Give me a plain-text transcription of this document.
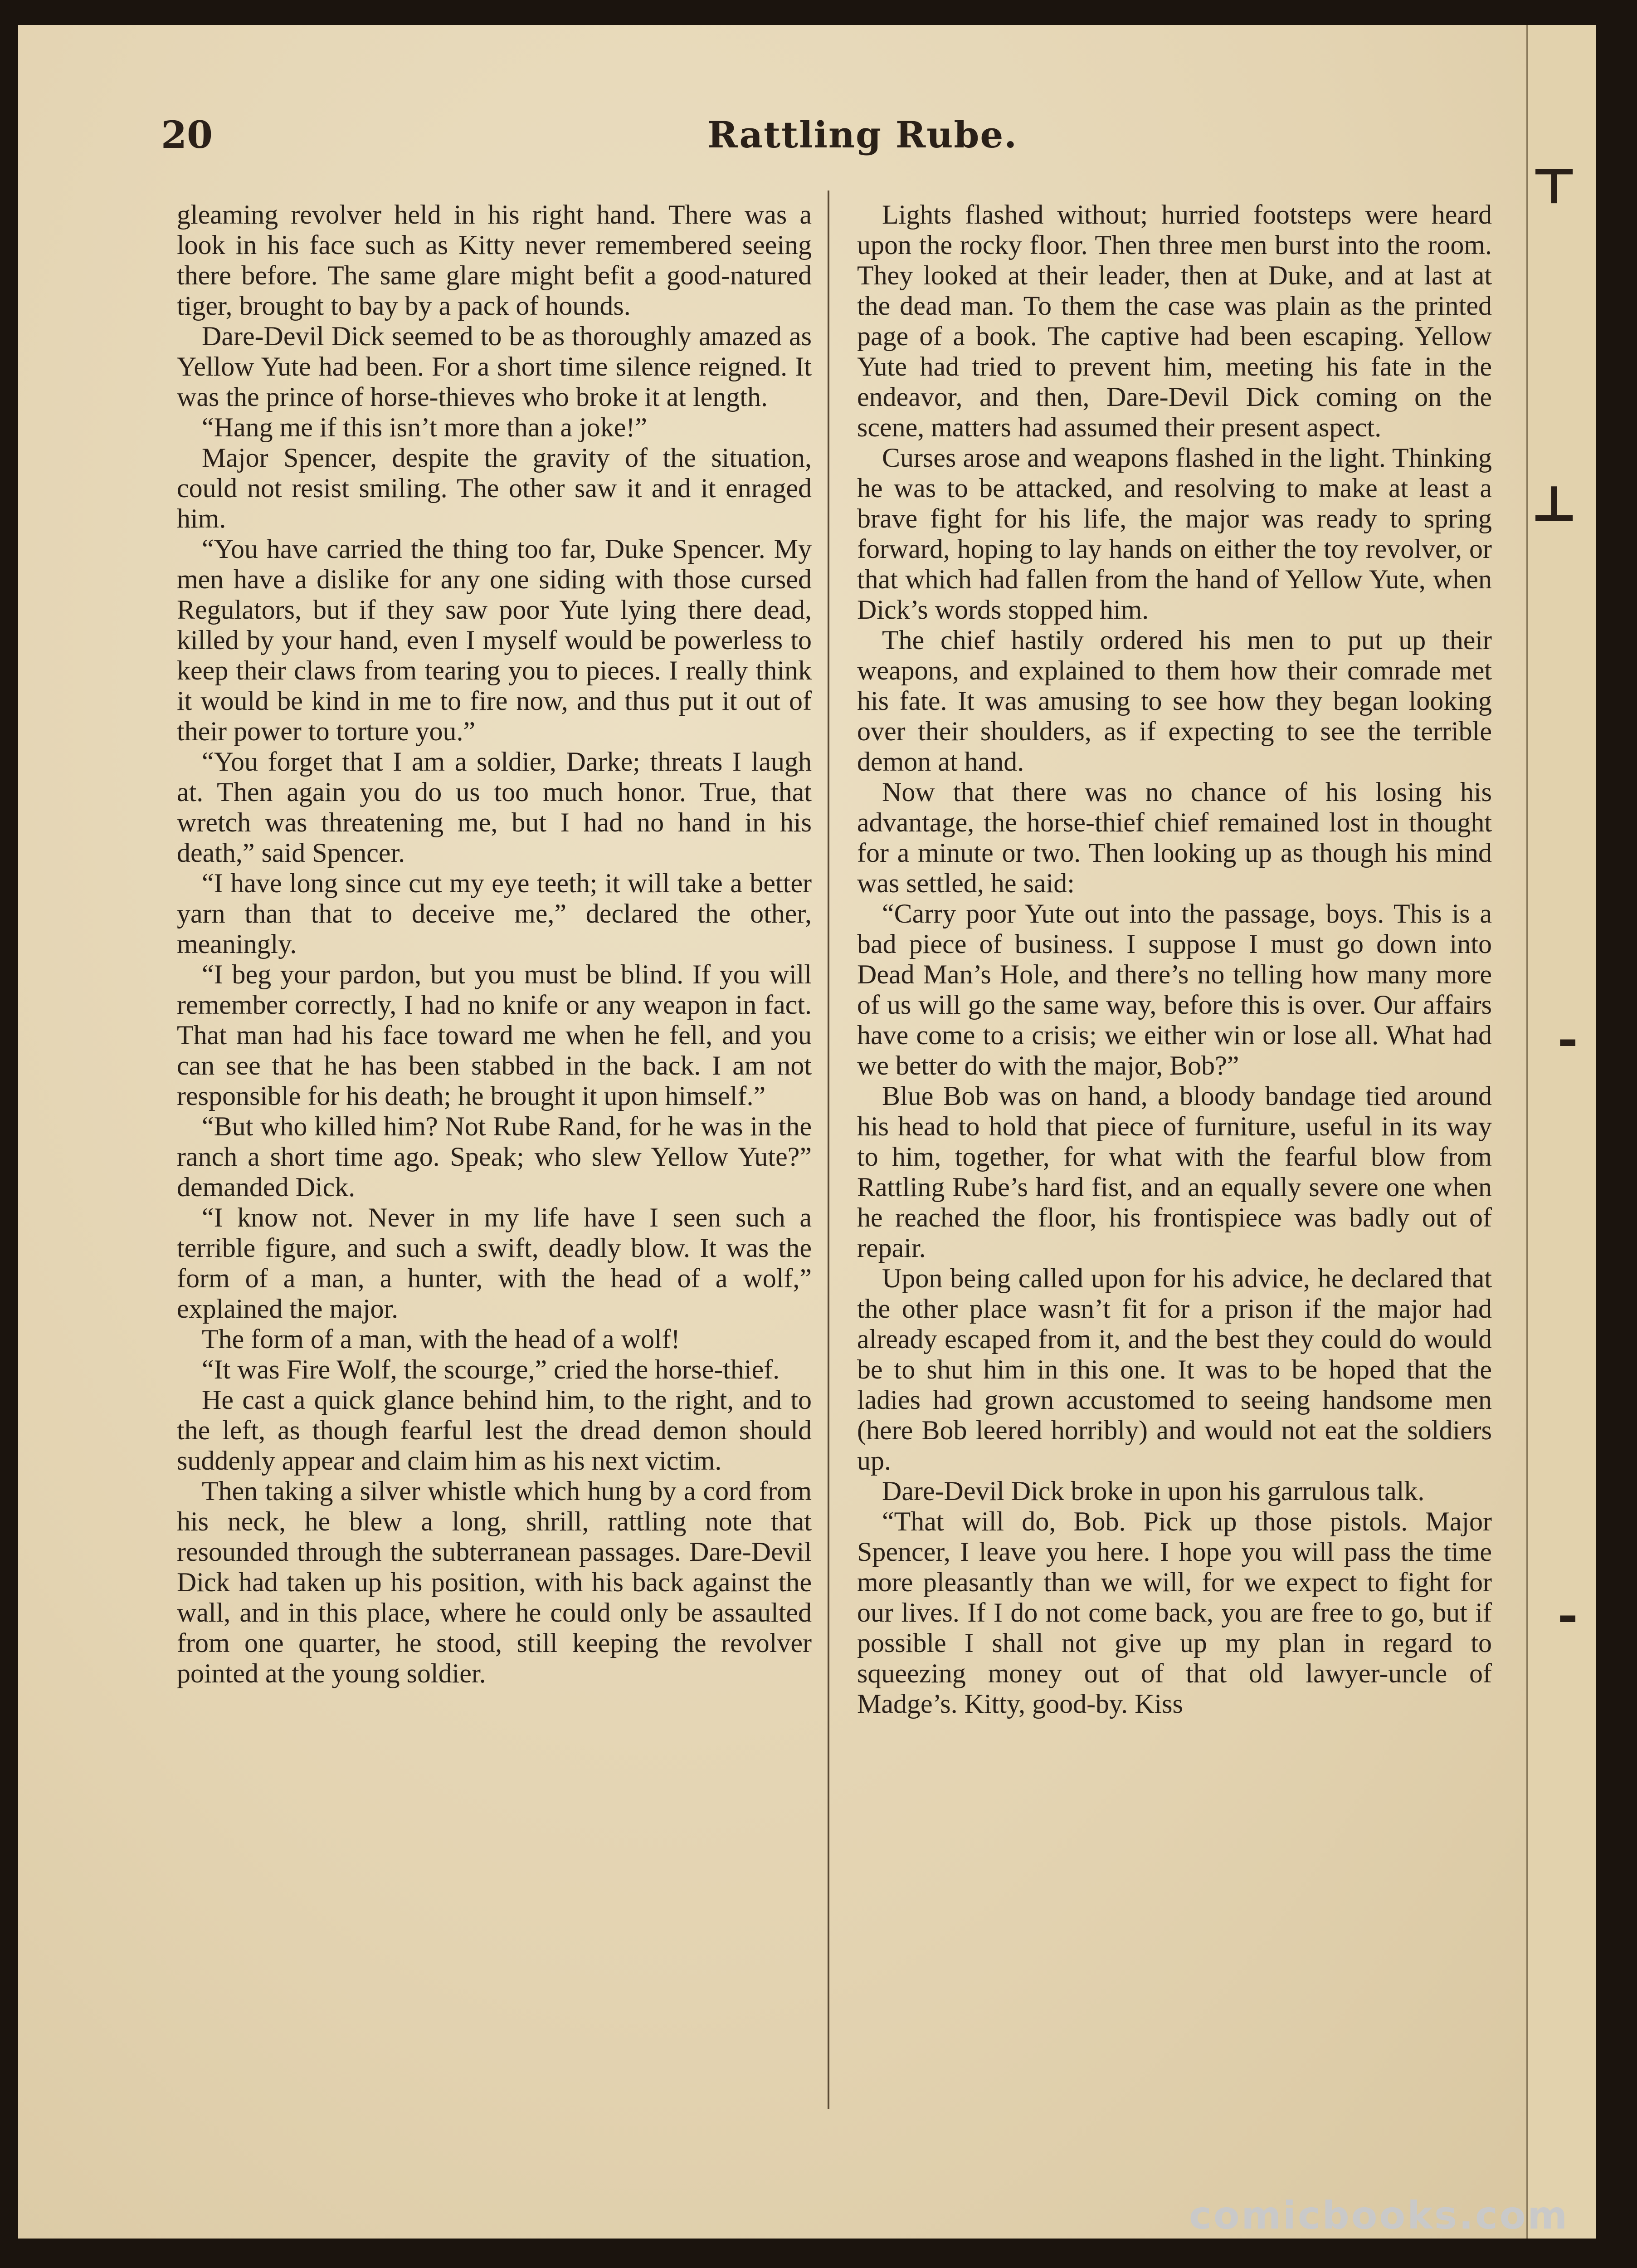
⊤
⊥
‑
‑
20	Rattling Rube.

gleaming revolver held in his right hand. There was a look in his face such as Kitty never remembered seeing there before. The same glare might befit a good-natured tiger, brought to bay by a pack of hounds.

Dare-Devil Dick seemed to be as thoroughly amazed as Yellow Yute had been. For a short time silence reigned. It was the prince of horse-thieves who broke it at length.

“Hang me if this isn’t more than a joke!”

Major Spencer, despite the gravity of the situation, could not resist smiling. The other saw it and it enraged him.

“You have carried the thing too far, Duke Spencer. My men have a dislike for any one siding with those cursed Regulators, but if they saw poor Yute lying there dead, killed by your hand, even I myself would be powerless to keep their claws from tearing you to pieces. I really think it would be kind in me to fire now, and thus put it out of their power to torture you.”

“You forget that I am a soldier, Darke; threats I laugh at. Then again you do us too much honor. True, that wretch was threatening me, but I had no hand in his death,” said Spencer.

“I have long since cut my eye teeth; it will take a better yarn than that to deceive me,” declared the other, meaningly.

“I beg your pardon, but you must be blind. If you will remember correctly, I had no knife or any weapon in fact. That man had his face toward me when he fell, and you can see that he has been stabbed in the back. I am not responsible for his death; he brought it upon himself.”

“But who killed him? Not Rube Rand, for he was in the ranch a short time ago. Speak; who slew Yellow Yute?” demanded Dick.

“I know not. Never in my life have I seen such a terrible figure, and such a swift, deadly blow. It was the form of a man, a hunter, with the head of a wolf,” explained the major.

The form of a man, with the head of a wolf!

“It was Fire Wolf, the scourge,” cried the horse-thief.

He cast a quick glance behind him, to the right, and to the left, as though fearful lest the dread demon should suddenly appear and claim him as his next victim.

Then taking a silver whistle which hung by a cord from his neck, he blew a long, shrill, rattling note that resounded through the subterranean passages. Dare-Devil Dick had taken up his position, with his back against the wall, and in this place, where he could only be assaulted from one quarter, he stood, still keeping the revolver pointed at the young soldier.

Lights flashed without; hurried footsteps were heard upon the rocky floor. Then three men burst into the room. They looked at their leader, then at Duke, and at last at the dead man. To them the case was plain as the printed page of a book. The captive had been escaping. Yellow Yute had tried to prevent him, meeting his fate in the endeavor, and then, Dare-Devil Dick coming on the scene, matters had assumed their present aspect.

Curses arose and weapons flashed in the light. Thinking he was to be attacked, and resolving to make at least a brave fight for his life, the major was ready to spring forward, hoping to lay hands on either the toy revolver, or that which had fallen from the hand of Yellow Yute, when Dick’s words stopped him.

The chief hastily ordered his men to put up their weapons, and explained to them how their comrade met his fate. It was amusing to see how they began looking over their shoulders, as if expecting to see the terrible demon at hand.

Now that there was no chance of his losing his advantage, the horse-thief chief remained lost in thought for a minute or two. Then looking up as though his mind was settled, he said:

“Carry poor Yute out into the passage, boys. This is a bad piece of business. I suppose I must go down into Dead Man’s Hole, and there’s no telling how many more of us will go the same way, before this is over. Our affairs have come to a crisis; we either win or lose all. What had we better do with the major, Bob?”

Blue Bob was on hand, a bloody bandage tied around his head to hold that piece of furniture, useful in its way to him, together, for what with the fearful blow from Rattling Rube’s hard fist, and an equally severe one when he reached the floor, his frontispiece was badly out of repair.

Upon being called upon for his advice, he declared that the other place wasn’t fit for a prison if the major had already escaped from it, and the best they could do would be to shut him in this one. It was to be hoped that the ladies had grown accustomed to seeing handsome men (here Bob leered horribly) and would not eat the soldiers up.

Dare-Devil Dick broke in upon his garrulous talk.

“That will do, Bob. Pick up those pistols. Major Spencer, I leave you here. I hope you will pass the time more pleasantly than we will, for we expect to fight for our lives. If I do not come back, you are free to go, but if possible I shall not give up my plan in regard to squeezing money out of that old lawyer-uncle of Madge’s. Kitty, good-by. Kiss

comicbooks.com
